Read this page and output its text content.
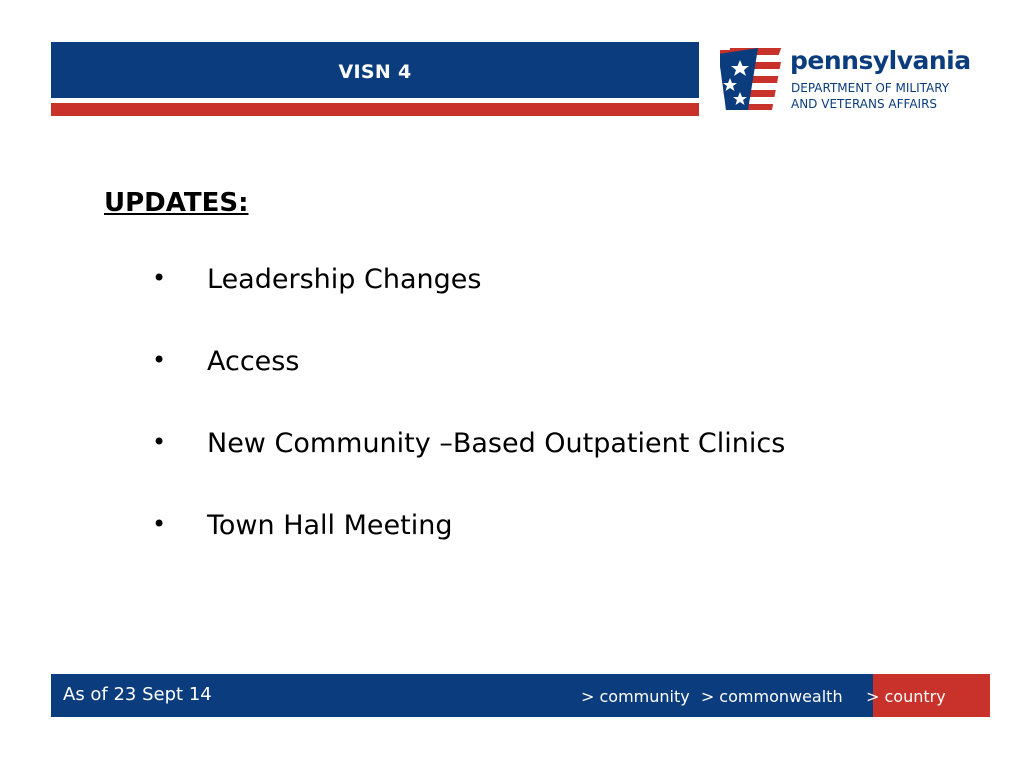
VISN 4	pennsylvania
DEPARTMENT OF MILITARY
AND VETERANS AFFAIRS
UPDATES:
• Leadership Changes
• Access
• New Community –Based Outpatient Clinics
• Town Hall Meeting
As of 23 Sept 14	> community > commonwealth	> country
